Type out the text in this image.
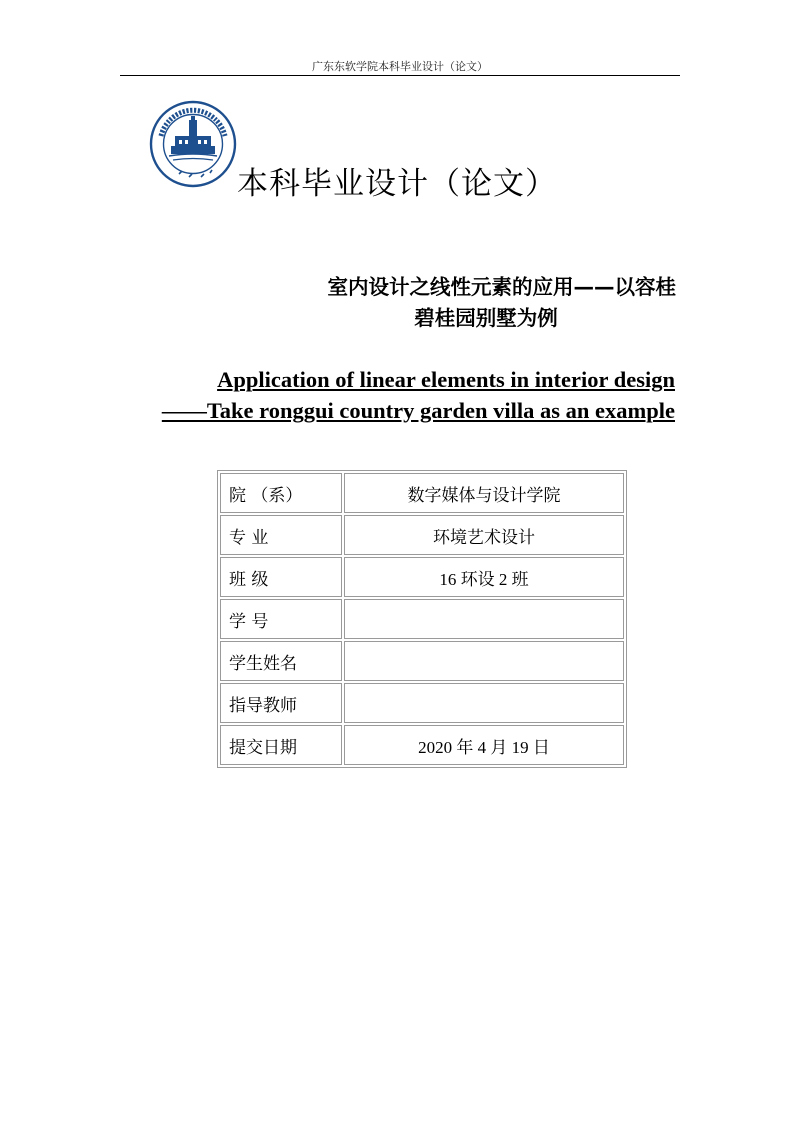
广东东软学院本科毕业设计（论文）
本科毕业设计（论文）
室内设计之线性元素的应用——以容桂
碧桂园别墅为例
Application of linear elements in interior design
——Take ronggui country garden villa as an example
院 （系）	数字媒体与设计学院
专 业	环境艺术设计
班 级	16 环设 2 班
学 号	
学生姓名	
指导教师	
提交日期	2020 年 4 月 19 日
